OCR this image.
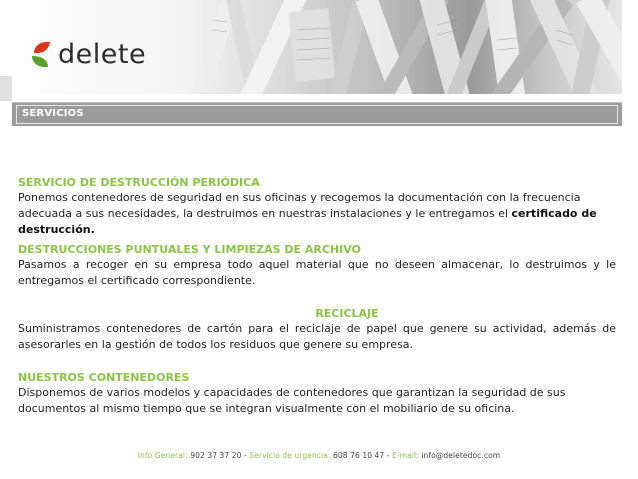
delete
SERVICIOS
SERVICIO DE DESTRUCCIÓN PERIÓDICA
Ponemos contenedores de seguridad en sus oficinas y recogemos la documentación con la frecuencia adecuada a sus necesidades, la destruimos en nuestras instalaciones y le entregamos el certificado de destrucción.
DESTRUCCIONES PUNTUALES Y LIMPIEZAS DE ARCHIVO
Pasamos a recoger en su empresa todo aquel material que no deseen almacenar, lo destruimos y le entregamos el certificado correspondiente.
RECICLAJE
Suministramos contenedores de cartón para el reciclaje de papel que genere su actividad, además de asesorarles en la gestión de todos los residuos que genere su empresa.
NUESTROS CONTENEDORES
Disponemos de varios modelos y capacidades de contenedores que garantizan la seguridad de sus documentos al mismo tiempo que se integran visualmente con el mobiliario de su oficina.
Info General: 902 37 37 20 - Servicio de urgencia: 608 76 10 47 - E-mail: info@deletedoc.com
